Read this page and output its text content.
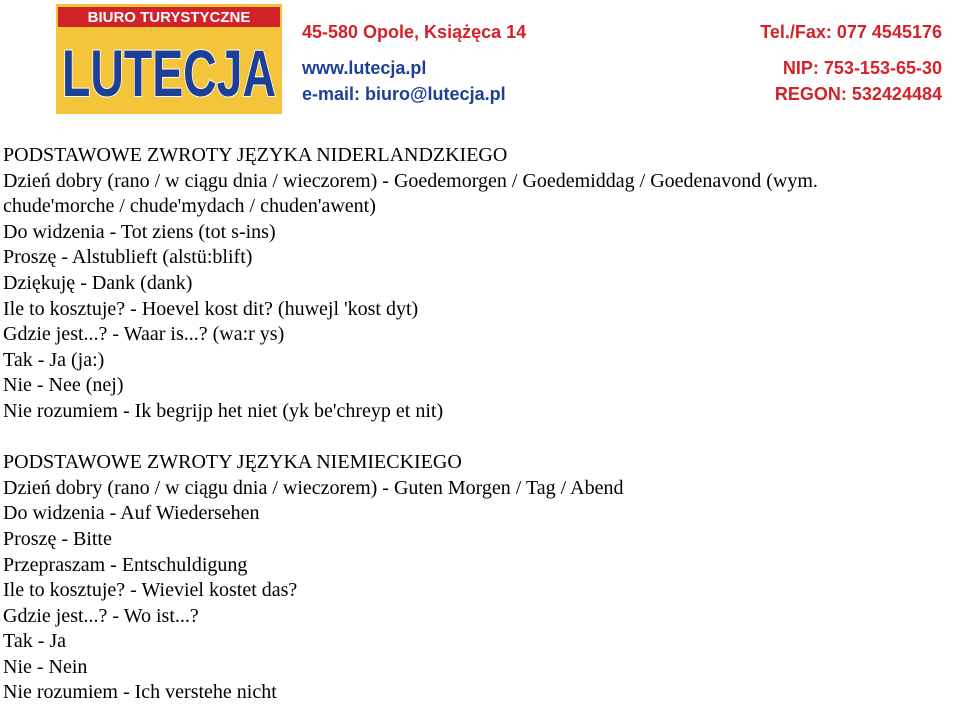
BIURO TURYSTYCZNE
LUTECJA
45-580 Opole, Książęca 14	Tel./Fax: 077 4545176
www.lutecja.pl	NIP: 753-153-65-30
e-mail: biuro@lutecja.pl	REGON: 532424484
PODSTAWOWE ZWROTY JĘZYKA NIDERLANDZKIEGO
Dzień dobry (rano / w ciągu dnia / wieczorem) - Goedemorgen / Goedemiddag / Goedenavond (wym.
chude'morche / chude'mydach / chuden'awent)
Do widzenia - Tot ziens (tot s-ins)
Proszę - Alstublieft (alstü:blift)
Dziękuję - Dank (dank)
Ile to kosztuje? - Hoevel kost dit? (huwejl 'kost dyt)
Gdzie jest...? - Waar is...? (wa:r ys)
Tak - Ja (ja:)
Nie - Nee (nej)
Nie rozumiem - Ik begrijp het niet (yk be'chreyp et nit)
PODSTAWOWE ZWROTY JĘZYKA NIEMIECKIEGO
Dzień dobry (rano / w ciągu dnia / wieczorem) - Guten Morgen / Tag / Abend
Do widzenia - Auf Wiedersehen
Proszę - Bitte
Przepraszam - Entschuldigung
Ile to kosztuje? - Wieviel kostet das?
Gdzie jest...? - Wo ist...?
Tak - Ja
Nie - Nein
Nie rozumiem - Ich verstehe nicht
